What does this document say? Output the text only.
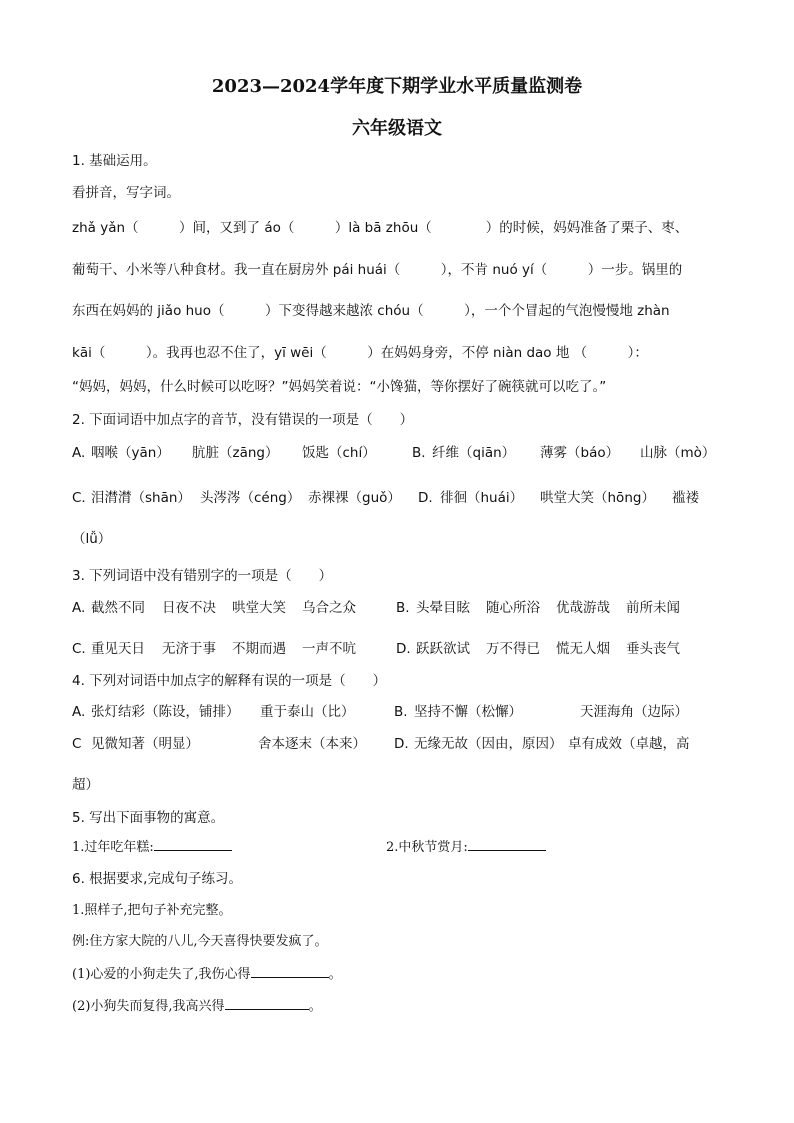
2023—2024学年度下期学业水平质量监测卷
六年级语文
1. 基础运用。
看拼音，写字词。
zhǎ yǎn（　　　）间，又到了 áo（　　　）là bā zhōu（　　　　）的时候，妈妈准备了栗子、枣、
葡萄干、小米等八种食材。我一直在厨房外 pái huái（　　　），不肯 nuó yí（　　　）一步。锅里的
东西在妈妈的 jiǎo huo（　　　）下变得越来越浓 chóu（　　　），一个个冒起的气泡慢慢地 zhàn
kāi（　　　）。我再也忍不住了，yī wēi（　　　）在妈妈身旁，不停 niàn dao 地 （　　　）：
“妈妈，妈妈，什么时候可以吃呀？”妈妈笑着说：“小馋猫，等你摆好了碗筷就可以吃了。”
2. 下面词语中加点字的音节，没有错误的一项是（　　）
A. 咽喉（yān） 肮脏（zāng） 饭匙（chí）	B. 纤维（qiān） 薄雾（báo） 山脉（mò）
C. 泪潸潸（shān） 头涔涔（céng） 赤裸裸（guǒ） D. 徘徊（huái） 哄堂大笑（hōng） 褴褛
（lǚ）
3. 下列词语中没有错别字的一项是（　　）
A. 截然不同 日夜不决 哄堂大笑 乌合之众	B. 头晕目眩 随心所浴 优哉游哉 前所未闻
C. 重见天日 无济于事 不期而遇 一声不吭	D. 跃跃欲试 万不得已 慌无人烟 垂头丧气
4. 下列对词语中加点字的解释有误的一项是（　　）
A. 张灯结彩（陈设，铺排） 重于泰山（比）	B. 坚持不懈（松懈）	天涯海角（边际）
C 见微知著（明显）	舍本逐末（本来） D. 无缘无故（因由，原因） 卓有成效（卓越，高
超）
5. 写出下面事物的寓意。
1.过年吃年糕:	2.中秋节赏月:
6. 根据要求,完成句子练习。
1.照样子,把句子补充完整。
例:住方家大院的八儿,今天喜得快要发疯了。
(1)心爱的小狗走失了,我伤心得	。
(2)小狗失而复得,我高兴得	。
